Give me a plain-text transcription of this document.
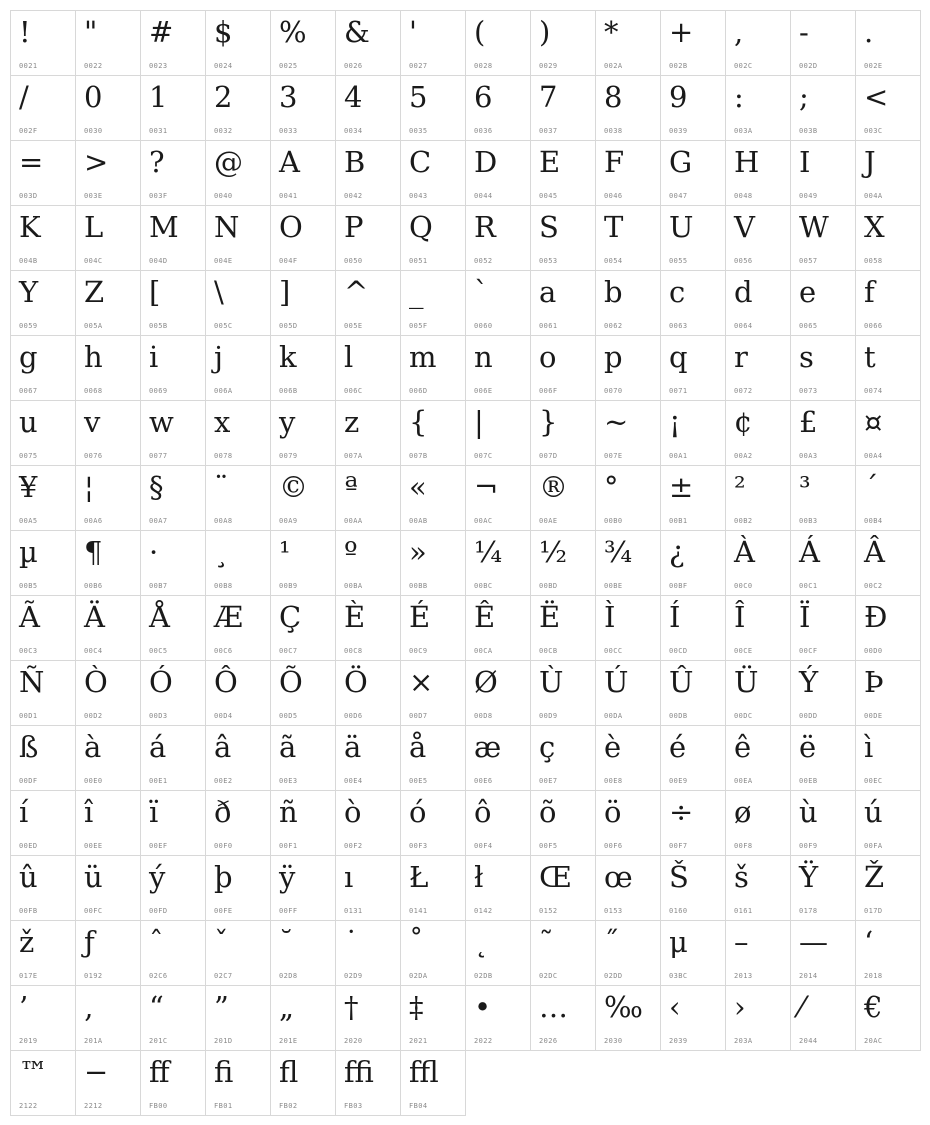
!
0021
"
0022
#
0023
$
0024
%
0025
&
0026
'
0027
(
0028
)
0029
*
002A
+
002B
,
002C
-
002D
.
002E
/
002F
0
0030
1
0031
2
0032
3
0033
4
0034
5
0035
6
0036
7
0037
8
0038
9
0039
:
003A
;
003B
<
003C
=
003D
>
003E
?
003F
@
0040
A
0041
B
0042
C
0043
D
0044
E
0045
F
0046
G
0047
H
0048
I
0049
J
004A
K
004B
L
004C
M
004D
N
004E
O
004F
P
0050
Q
0051
R
0052
S
0053
T
0054
U
0055
V
0056
W
0057
X
0058
Y
0059
Z
005A
[
005B
\
005C
]
005D
^
005E
_
005F
`
0060
a
0061
b
0062
c
0063
d
0064
e
0065
f
0066
g
0067
h
0068
i
0069
j
006A
k
006B
l
006C
m
006D
n
006E
o
006F
p
0070
q
0071
r
0072
s
0073
t
0074
u
0075
v
0076
w
0077
x
0078
y
0079
z
007A
{
007B
|
007C
}
007D
~
007E
¡
00A1
¢
00A2
£
00A3
¤
00A4
¥
00A5
¦
00A6
§
00A7
¨
00A8
©
00A9
ª
00AA
«
00AB
¬
00AC
®
00AE
°
00B0
±
00B1
²
00B2
³
00B3
´
00B4
µ
00B5
¶
00B6
·
00B7
¸
00B8
¹
00B9
º
00BA
»
00BB
¼
00BC
½
00BD
¾
00BE
¿
00BF
À
00C0
Á
00C1
Â
00C2
Ã
00C3
Ä
00C4
Å
00C5
Æ
00C6
Ç
00C7
È
00C8
É
00C9
Ê
00CA
Ë
00CB
Ì
00CC
Í
00CD
Î
00CE
Ï
00CF
Ð
00D0
Ñ
00D1
Ò
00D2
Ó
00D3
Ô
00D4
Õ
00D5
Ö
00D6
×
00D7
Ø
00D8
Ù
00D9
Ú
00DA
Û
00DB
Ü
00DC
Ý
00DD
Þ
00DE
ß
00DF
à
00E0
á
00E1
â
00E2
ã
00E3
ä
00E4
å
00E5
æ
00E6
ç
00E7
è
00E8
é
00E9
ê
00EA
ë
00EB
ì
00EC
í
00ED
î
00EE
ï
00EF
ð
00F0
ñ
00F1
ò
00F2
ó
00F3
ô
00F4
õ
00F5
ö
00F6
÷
00F7
ø
00F8
ù
00F9
ú
00FA
û
00FB
ü
00FC
ý
00FD
þ
00FE
ÿ
00FF
ı
0131
Ł
0141
ł
0142
Œ
0152
œ
0153
Š
0160
š
0161
Ÿ
0178
Ž
017D
ž
017E
ƒ
0192
ˆ
02C6
ˇ
02C7
˘
02D8
˙
02D9
˚
02DA
˛
02DB
˜
02DC
˝
02DD
μ
03BC
–
2013
—
2014
‘
2018
’
2019
‚
201A
“
201C
”
201D
„
201E
†
2020
‡
2021
•
2022
…
2026
‰
2030
‹
2039
›
203A
⁄
2044
€
20AC
™
2122
−
2212
ﬀ
FB00
ﬁ
FB01
ﬂ
FB02
ﬃ
FB03
ﬄ
FB04
